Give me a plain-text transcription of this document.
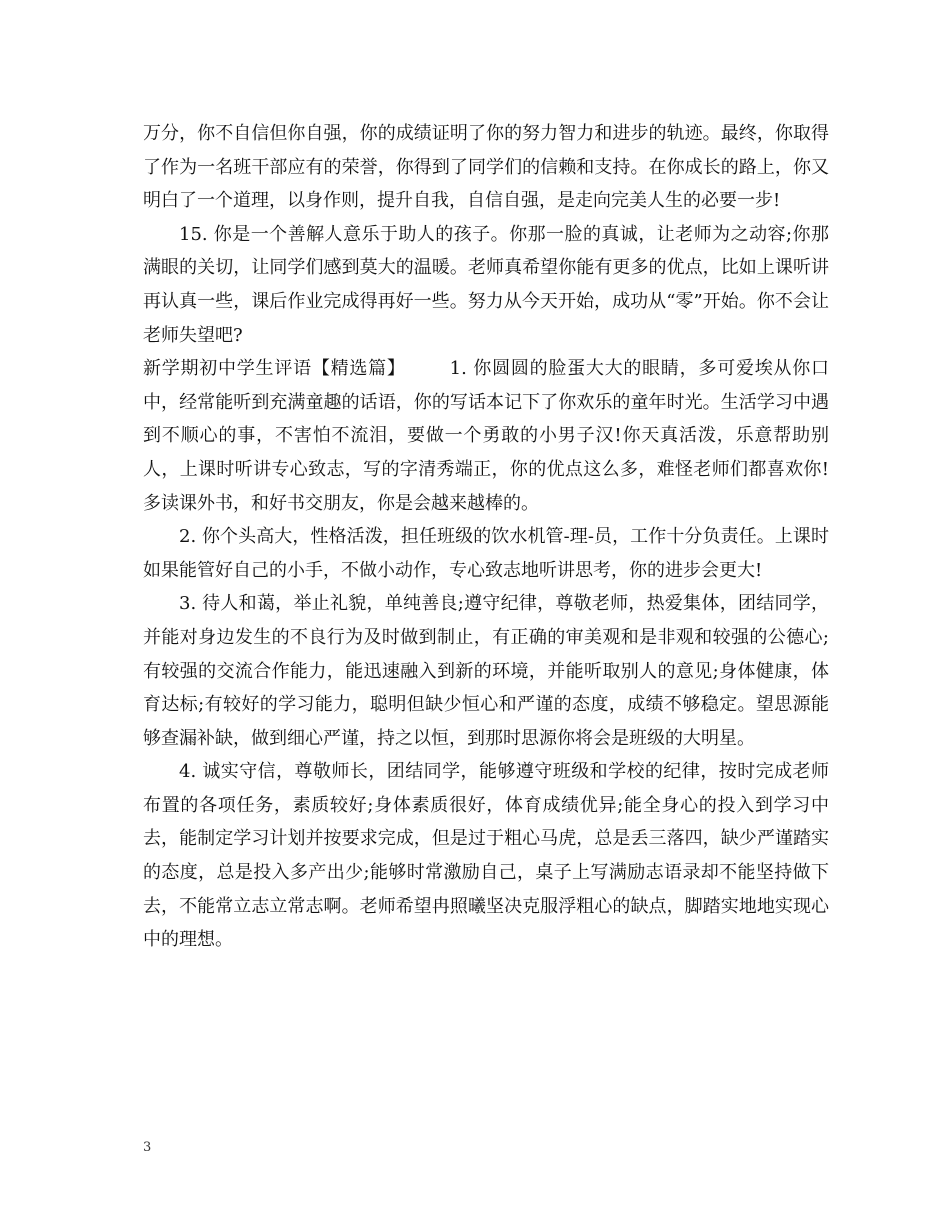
万分，你不自信但你自强，你的成绩证明了你的努力智力和进步的轨迹。最终，你取得了作为一名班干部应有的荣誉，你得到了同学们的信赖和支持。在你成长的路上，你又明白了一个道理，以身作则，提升自我，自信自强，是走向完美人生的必要一步!

15. 你是一个善解人意乐于助人的孩子。你那一脸的真诚，让老师为之动容;你那满眼的关切，让同学们感到莫大的温暖。老师真希望你能有更多的优点，比如上课听讲再认真一些，课后作业完成得再好一些。努力从今天开始，成功从“零”开始。你不会让老师失望吧?

新学期初中学生评语【精选篇】 1. 你圆圆的脸蛋大大的眼睛，多可爱埃从你口中，经常能听到充满童趣的话语，你的写话本记下了你欢乐的童年时光。生活学习中遇到不顺心的事，不害怕不流泪，要做一个勇敢的小男子汉!你天真活泼，乐意帮助别人，上课时听讲专心致志，写的字清秀端正，你的优点这么多，难怪老师们都喜欢你!多读课外书，和好书交朋友，你是会越来越棒的。

2. 你个头高大，性格活泼，担任班级的饮水机管-理-员，工作十分负责任。上课时如果能管好自己的小手，不做小动作，专心致志地听讲思考，你的进步会更大!

3. 待人和蔼，举止礼貌，单纯善良;遵守纪律，尊敬老师，热爱集体，团结同学，并能对身边发生的不良行为及时做到制止，有正确的审美观和是非观和较强的公德心;有较强的交流合作能力，能迅速融入到新的环境，并能听取别人的意见;身体健康，体育达标;有较好的学习能力，聪明但缺少恒心和严谨的态度，成绩不够稳定。望思源能够查漏补缺，做到细心严谨，持之以恒，到那时思源你将会是班级的大明星。

4. 诚实守信，尊敬师长，团结同学，能够遵守班级和学校的纪律，按时完成老师布置的各项任务，素质较好;身体素质很好，体育成绩优异;能全身心的投入到学习中去，能制定学习计划并按要求完成，但是过于粗心马虎，总是丢三落四，缺少严谨踏实的态度，总是投入多产出少;能够时常激励自己，桌子上写满励志语录却不能坚持做下去，不能常立志立常志啊。老师希望冉照曦坚决克服浮粗心的缺点，脚踏实地地实现心中的理想。

3
